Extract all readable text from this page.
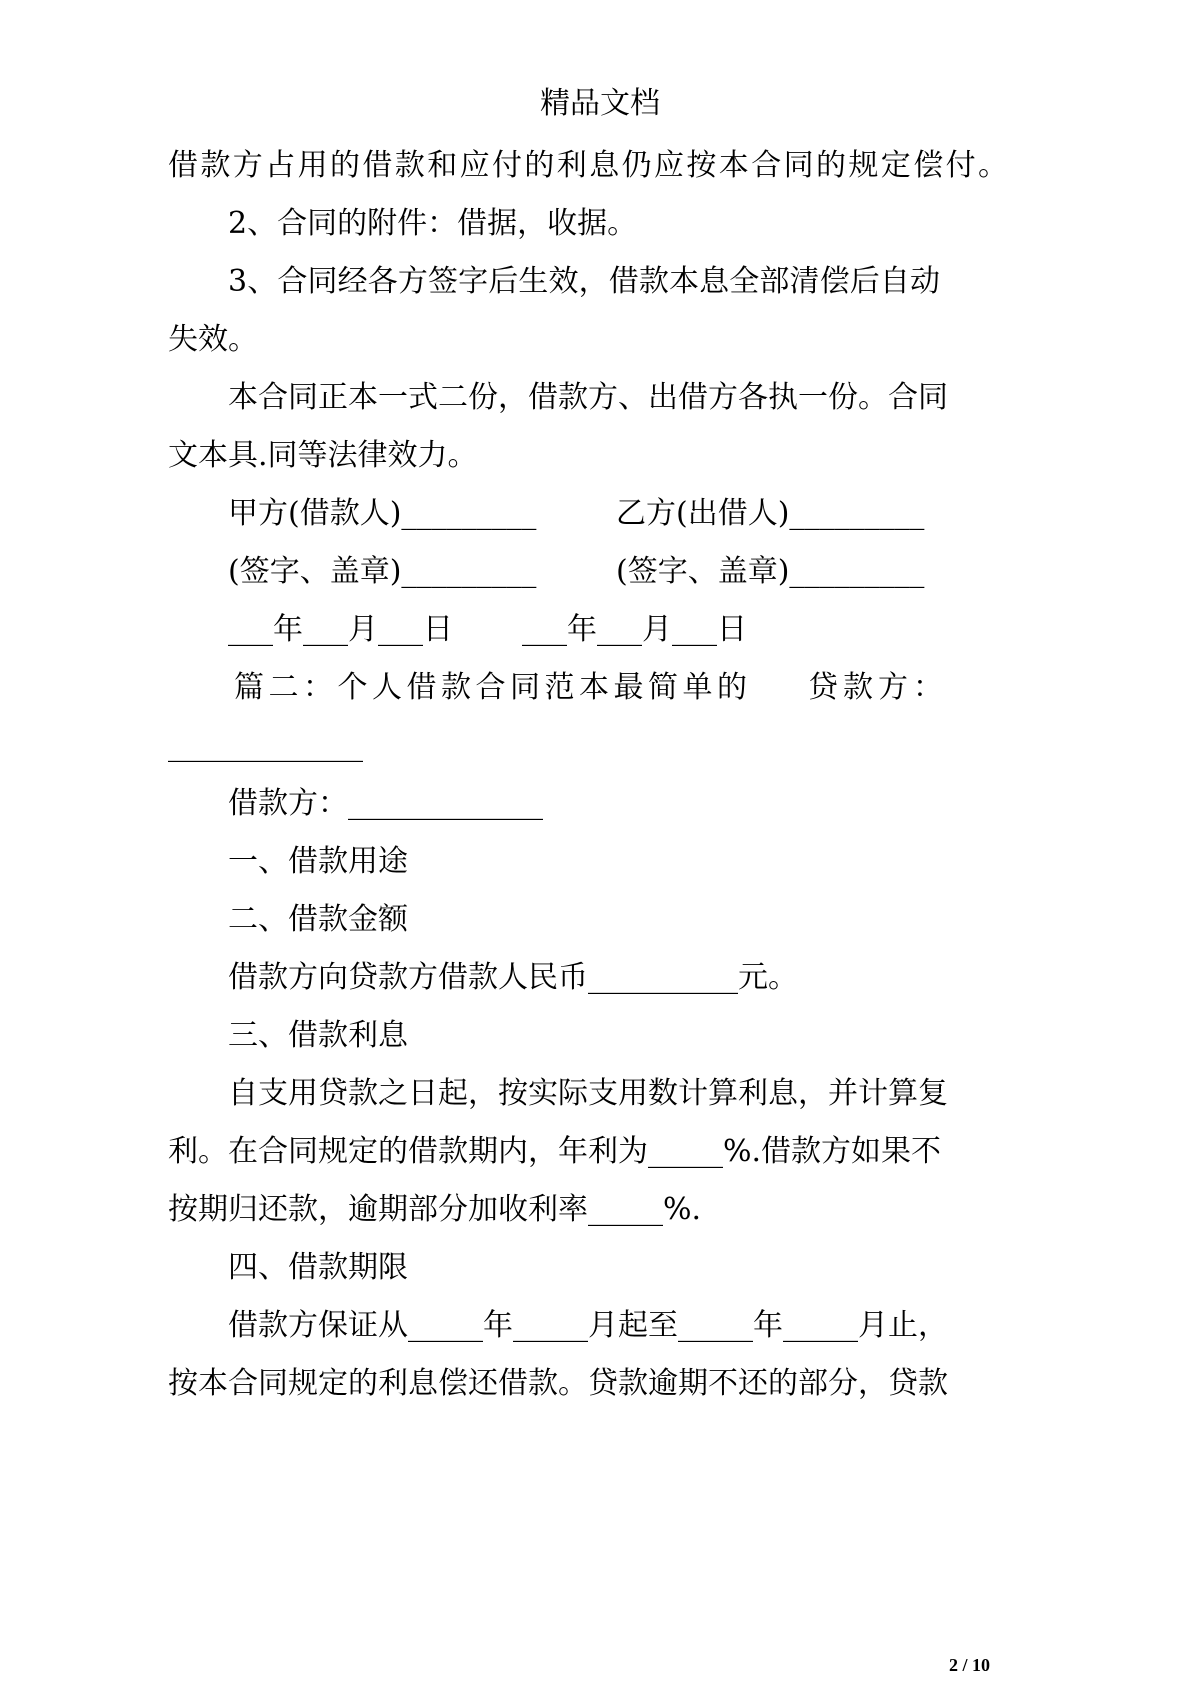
精品文档
借款方占用的借款和应付的利息仍应按本合同的规定偿付。
2、合同的附件：借据，收据。
3、合同经各方签字后生效，借款本息全部清偿后自动
失效。
本合同正本一式二份，借款方、出借方各执一份。合同
文本具.同等法律效力。
甲方(借款人)_________	乙方(出借人)_________
(签字、盖章)_________	(签字、盖章)_________
___年___月___日 ___年___月___日
篇二：个人借款合同范本最简单的 贷款方：
_____________
借款方：_____________
一、借款用途
二、借款金额
借款方向贷款方借款人民币__________元。
三、借款利息
自支用贷款之日起，按实际支用数计算利息，并计算复
利。在合同规定的借款期内，年利为_____%.借款方如果不
按期归还款，逾期部分加收利率_____%.
四、借款期限
借款方保证从_____年_____月起至_____年_____月止，
按本合同规定的利息偿还借款。贷款逾期不还的部分，贷款
2 / 10
